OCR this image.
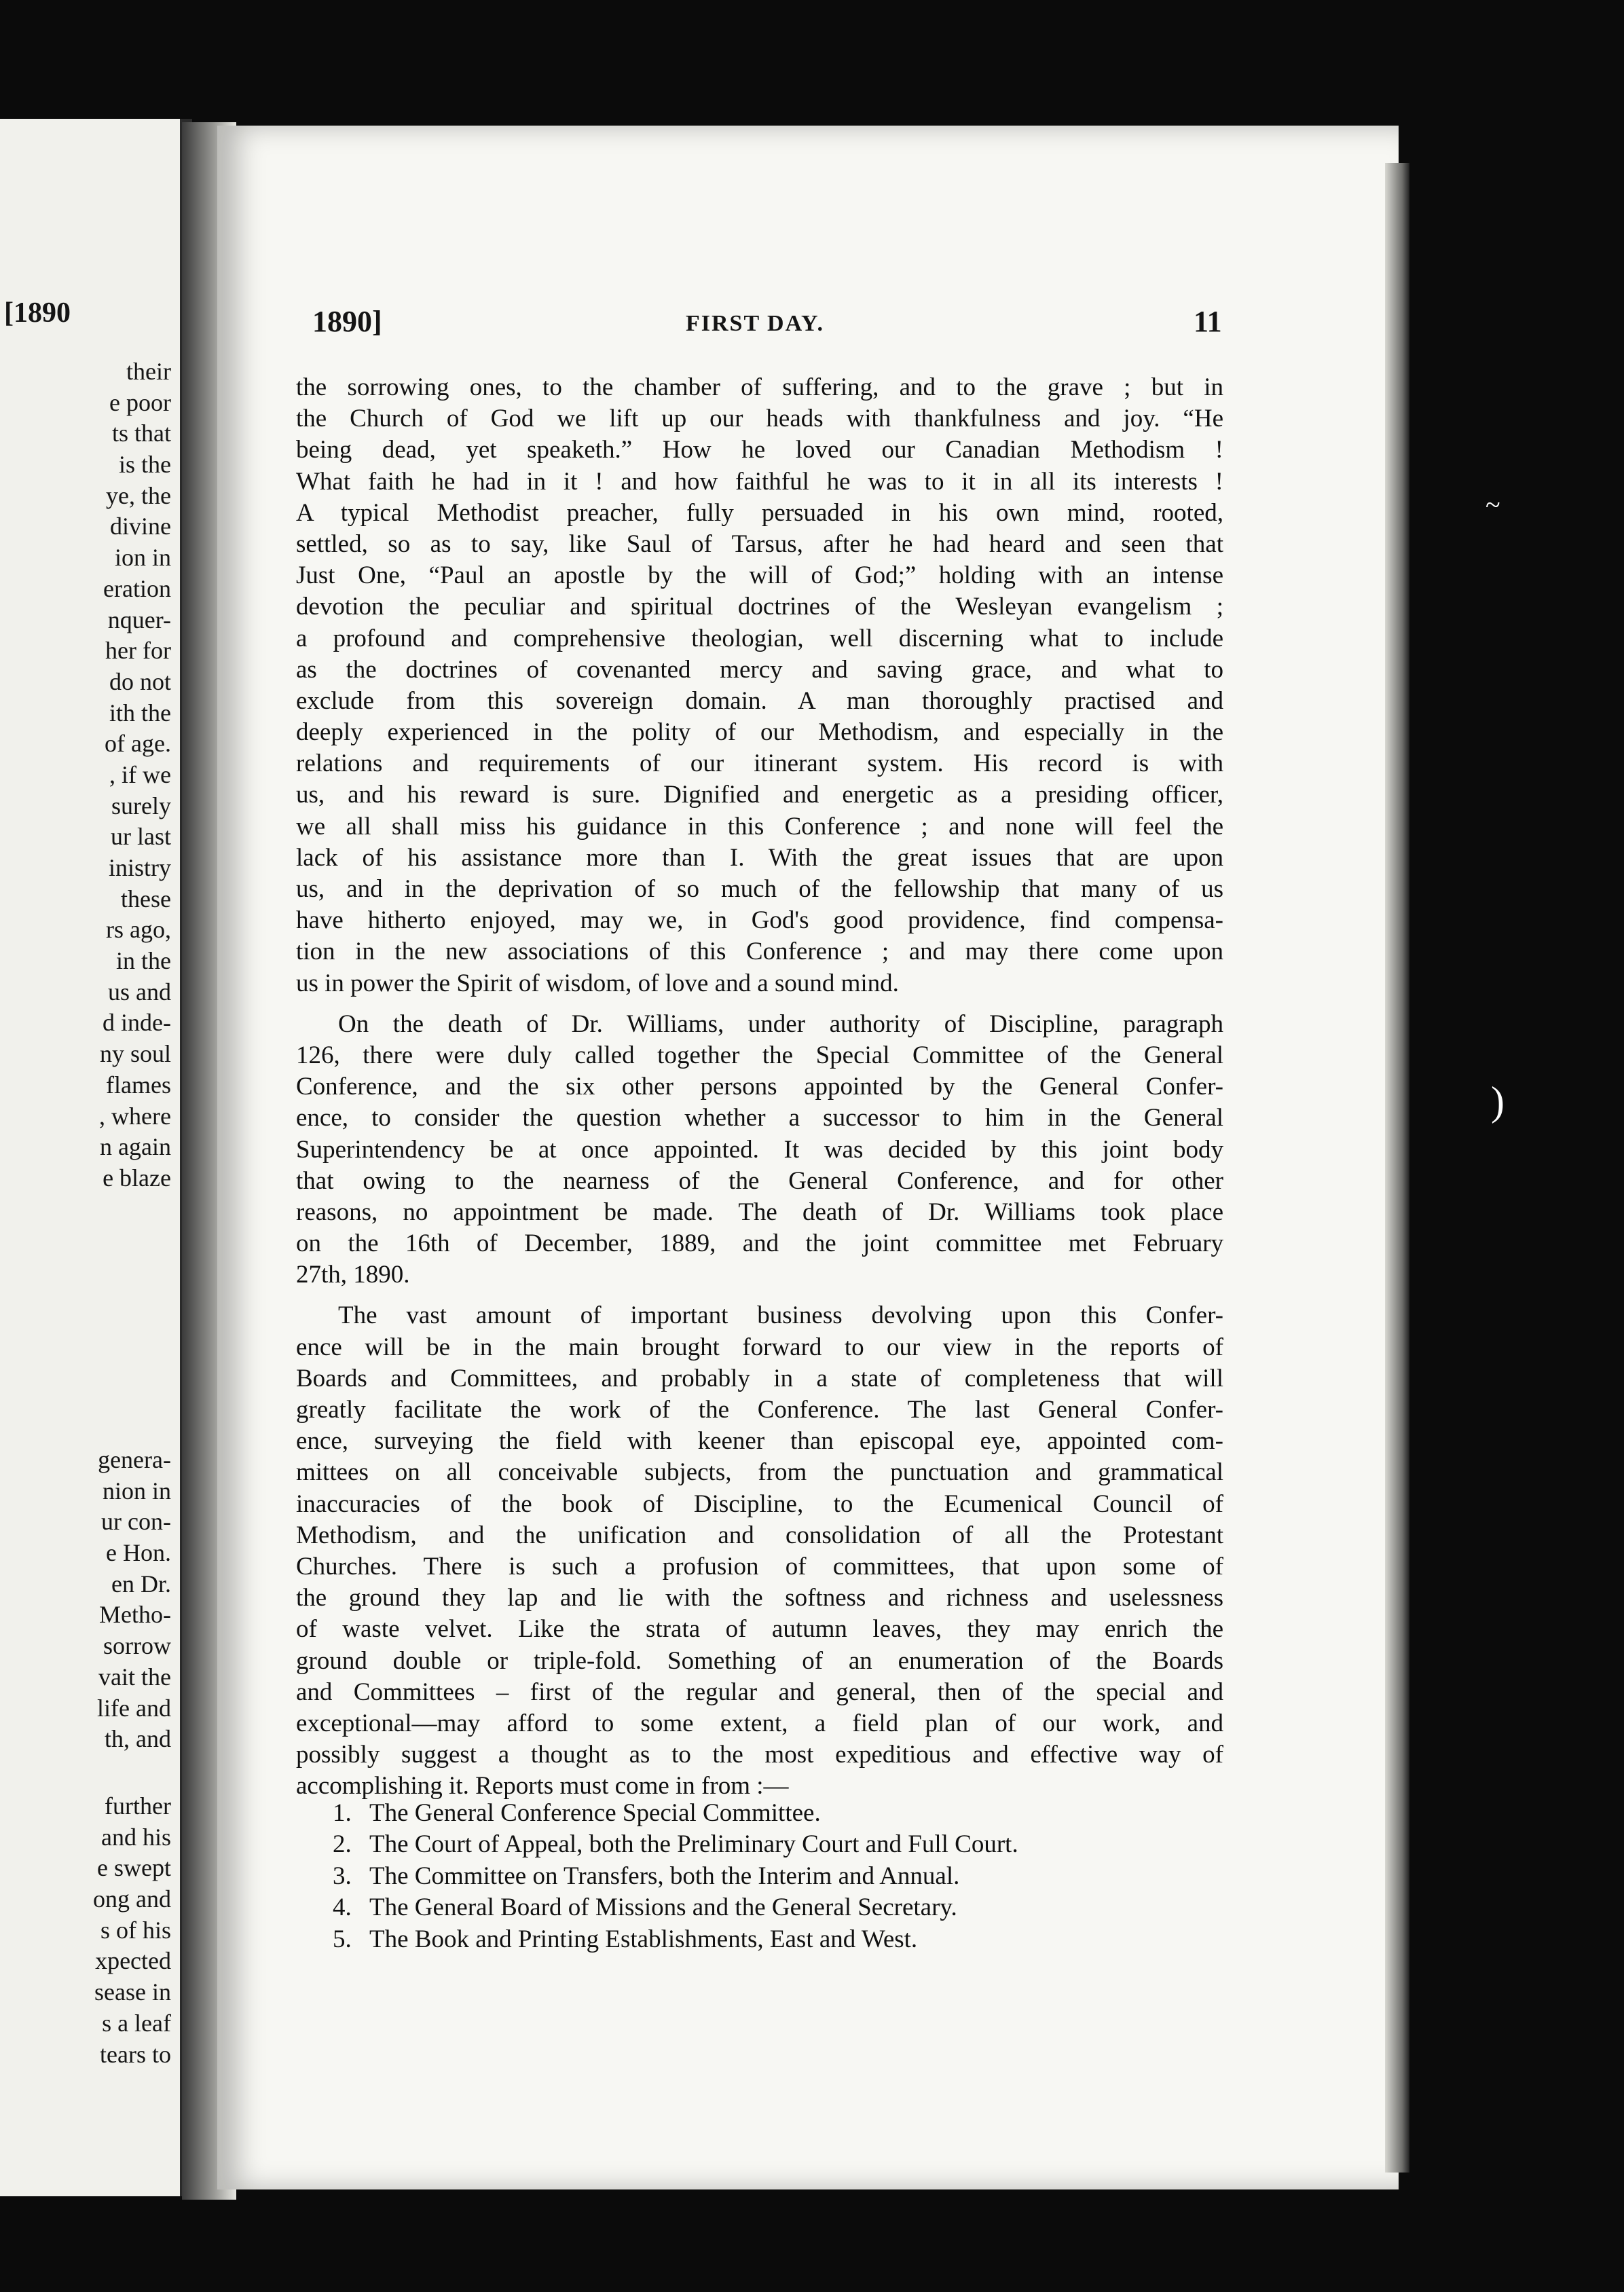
[1890
their
e poor
ts that
is the
ye, the
divine
ion in
eration
nquer-
her for
do not
ith the
of age.
, if we
surely
ur last
inistry
these
rs ago,
in the
us and
d inde-
ny soul
flames
, where
n again
e blaze
genera-
nion in
ur con-
e Hon.
en Dr.
Metho-
sorrow
vait the
life and
th, and
further
and his
e swept
ong and
s of his
xpected
sease in
s a leaf
tears to
1890]	FIRST DAY.	11
the sorrowing ones, to the chamber of suffering, and to the grave ; but in
the Church of God we lift up our heads with thankfulness and joy. “He
being dead, yet speaketh.” How he loved our Canadian Methodism !
What faith he had in it ! and how faithful he was to it in all its interests !
A typical Methodist preacher, fully persuaded in his own mind, rooted,
settled, so as to say, like Saul of Tarsus, after he had heard and seen that
Just One, “Paul an apostle by the will of God;” holding with an intense
devotion the peculiar and spiritual doctrines of the Wesleyan evangelism ;
a profound and comprehensive theologian, well discerning what to include
as the doctrines of covenanted mercy and saving grace, and what to
exclude from this sovereign domain. A man thoroughly practised and
deeply experienced in the polity of our Methodism, and especially in the
relations and requirements of our itinerant system. His record is with
us, and his reward is sure. Dignified and energetic as a presiding officer,
we all shall miss his guidance in this Conference ; and none will feel the
lack of his assistance more than I. With the great issues that are upon
us, and in the deprivation of so much of the fellowship that many of us
have hitherto enjoyed, may we, in God's good providence, find compensa-
tion in the new associations of this Conference ; and may there come upon
us in power the Spirit of wisdom, of love and a sound mind.
On the death of Dr. Williams, under authority of Discipline, paragraph
126, there were duly called together the Special Committee of the General
Conference, and the six other persons appointed by the General Confer-
ence, to consider the question whether a successor to him in the General
Superintendency be at once appointed. It was decided by this joint body
that owing to the nearness of the General Conference, and for other
reasons, no appointment be made. The death of Dr. Williams took place
on the 16th of December, 1889, and the joint committee met February
27th, 1890.
The vast amount of important business devolving upon this Confer-
ence will be in the main brought forward to our view in the reports of
Boards and Committees, and probably in a state of completeness that will
greatly facilitate the work of the Conference. The last General Confer-
ence, surveying the field with keener than episcopal eye, appointed com-
mittees on all conceivable subjects, from the punctuation and grammatical
inaccuracies of the book of Discipline, to the Ecumenical Council of
Methodism, and the unification and consolidation of all the Protestant
Churches. There is such a profusion of committees, that upon some of
the ground they lap and lie with the softness and richness and uselessness
of waste velvet. Like the strata of autumn leaves, they may enrich the
ground double or triple-fold. Something of an enumeration of the Boards
and Committees – first of the regular and general, then of the special and
exceptional—may afford to some extent, a field plan of our work, and
possibly suggest a thought as to the most expeditious and effective way of
accomplishing it. Reports must come in from :—
1. The General Conference Special Committee.
2. The Court of Appeal, both the Preliminary Court and Full Court.
3. The Committee on Transfers, both the Interim and Annual.
4. The General Board of Missions and the General Secretary.
5. The Book and Printing Establishments, East and West.
~
)
